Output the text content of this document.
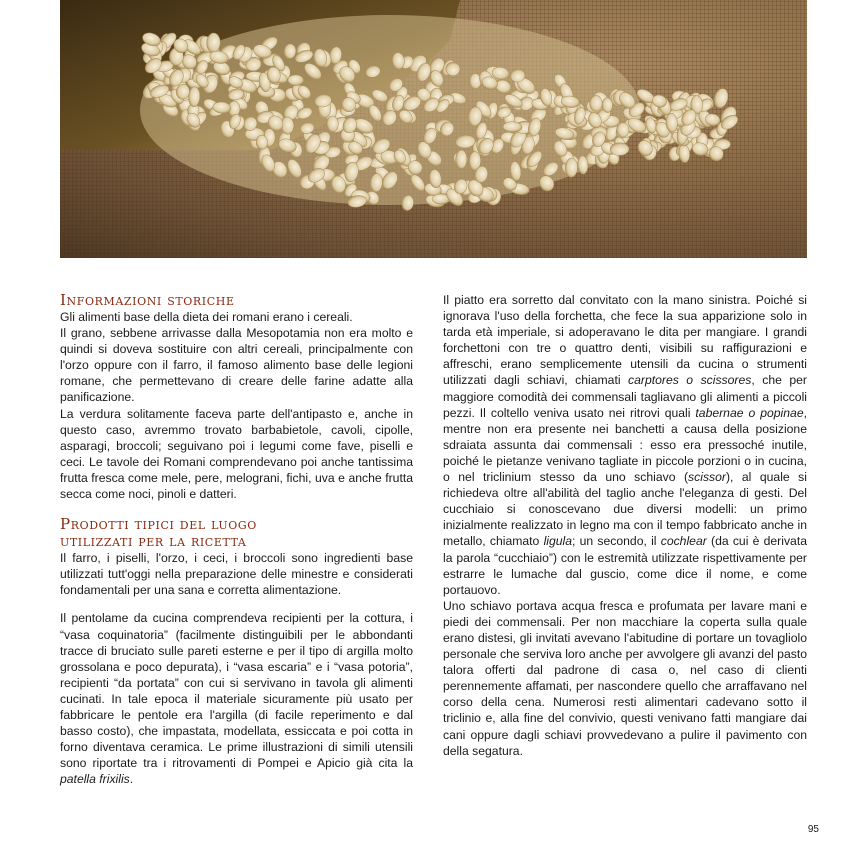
Informazioni storiche

Gli alimenti base della dieta dei romani erano i cereali.

Il grano, sebbene arrivasse dalla Mesopotamia non era molto e quindi si doveva sostituire con altri cereali, principalmente con l'orzo oppure con il farro, il famoso alimento base delle legioni romane, che permettevano di creare delle farine adatte alla panificazione.

La verdura solitamente faceva parte dell'antipasto e, anche in questo caso, avremmo trovato barbabietole, cavoli, cipolle, asparagi, broccoli; seguivano poi i legumi come fave, piselli e ceci. Le tavole dei Romani comprendevano poi anche tantissima frutta fresca come mele, pere, melograni, fichi, uva e anche frutta secca come noci, pinoli e datteri.

Prodotti tipici del luogo
utilizzati per la ricetta

Il farro, i piselli, l'orzo, i ceci, i broccoli sono ingredienti base utilizzati tutt'oggi nella preparazione delle minestre e considerati fondamentali per una sana e corretta alimentazione.

Il pentolame da cucina comprendeva recipienti per la cottura, i “vasa coquinatoria” (facilmente distinguibili per le abbondanti tracce di bruciato sulle pareti esterne e per il tipo di argilla molto grossolana e poco depurata), i “vasa escaria” e i “vasa potoria”, recipienti “da portata” con cui si servivano in tavola gli alimenti cucinati. In tale epoca il materiale sicuramente più usato per fabbricare le pentole era l'argilla (di facile reperimento e dal basso costo), che impastata, modellata, essiccata e poi cotta in forno diventava ceramica. Le prime illustrazioni di simili utensili sono riportate tra i ritrovamenti di Pompei e Apicio già cita la patella frixilis.

Il piatto era sorretto dal convitato con la mano sinistra. Poiché si ignorava l'uso della forchetta, che fece la sua apparizione solo in tarda età imperiale, si adoperavano le dita per mangiare. I grandi forchettoni con tre o quattro denti, visibili su raffigurazioni e affreschi, erano semplicemente utensili da cucina o strumenti utilizzati dagli schiavi, chiamati carptores o scissores, che per maggiore comodità dei commensali tagliavano gli alimenti a piccoli pezzi. Il coltello veniva usato nei ritrovi quali tabernae o popinae, mentre non era presente nei banchetti a causa della posizione sdraiata assunta dai commensali : esso era pressoché inutile, poiché le pietanze venivano tagliate in piccole porzioni o in cucina, o nel triclinium stesso da uno schiavo (scissor), al quale si richiedeva oltre all'abilità del taglio anche l'eleganza di gesti. Del cucchiaio si conoscevano due diversi modelli: un primo inizialmente realizzato in legno ma con il tempo fabbricato anche in metallo, chiamato ligula; un secondo, il cochlear (da cui è derivata la parola “cucchiaio”) con le estremità utilizzate rispettivamente per estrarre le lumache dal guscio, come dice il nome, e come portauovo.

Uno schiavo portava acqua fresca e profumata per lavare mani e piedi dei commensali. Per non macchiare la coperta sulla quale erano distesi, gli invitati avevano l'abitudine di portare un tovagliolo personale che serviva loro anche per avvolgere gli avanzi del pasto talora offerti dal padrone di casa o, nel caso di clienti perennemente affamati, per nascondere quello che arraffavano nel corso della cena. Numerosi resti alimentari cadevano sotto il triclinio e, alla fine del convivio, questi venivano fatti mangiare dai cani oppure dagli schiavi provvedevano a pulire il pavimento con della segatura.

95
